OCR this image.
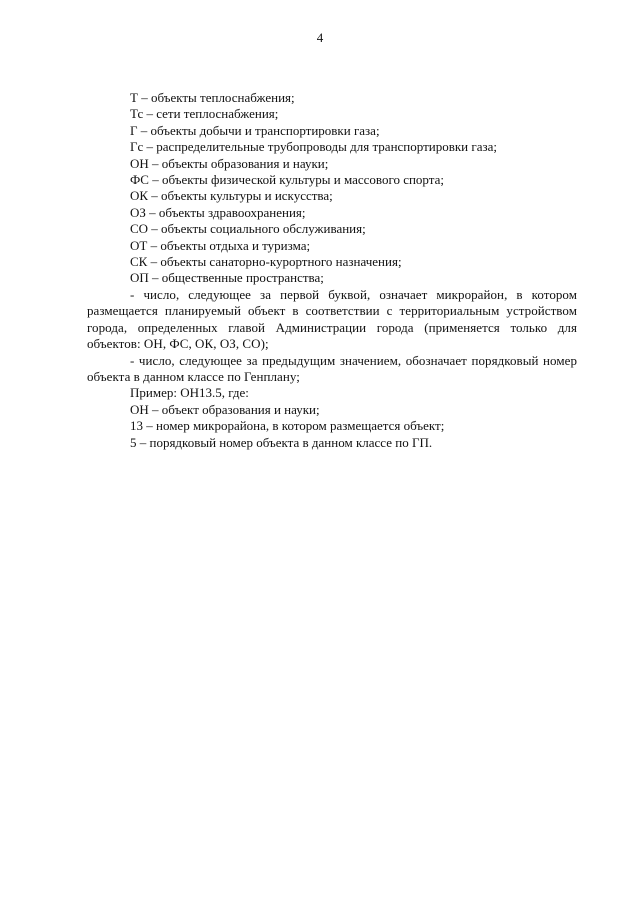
4
Т – объекты теплоснабжения;
Тс – сети теплоснабжения;
Г – объекты добычи и транспортировки газа;
Гс – распределительные трубопроводы для транспортировки газа;
ОН – объекты образования и науки;
ФС – объекты физической культуры и массового спорта;
ОК – объекты культуры и искусства;
ОЗ – объекты здравоохранения;
СО – объекты социального обслуживания;
ОТ – объекты отдыха и туризма;
СК – объекты санаторно-курортного назначения;
ОП – общественные пространства;
- число, следующее за первой буквой, означает микрорайон, в котором размещается планируемый объект в соответствии с территориальным устройством города, определенных главой Администрации города (применяется только для объектов: ОН, ФС, ОК, ОЗ, СО);
- число, следующее за предыдущим значением, обозначает порядковый номер объекта в данном классе по Генплану;
Пример: ОН13.5, где:
ОН – объект образования и науки;
13 – номер микрорайона, в котором размещается объект;
5 – порядковый номер объекта в данном классе по ГП.
